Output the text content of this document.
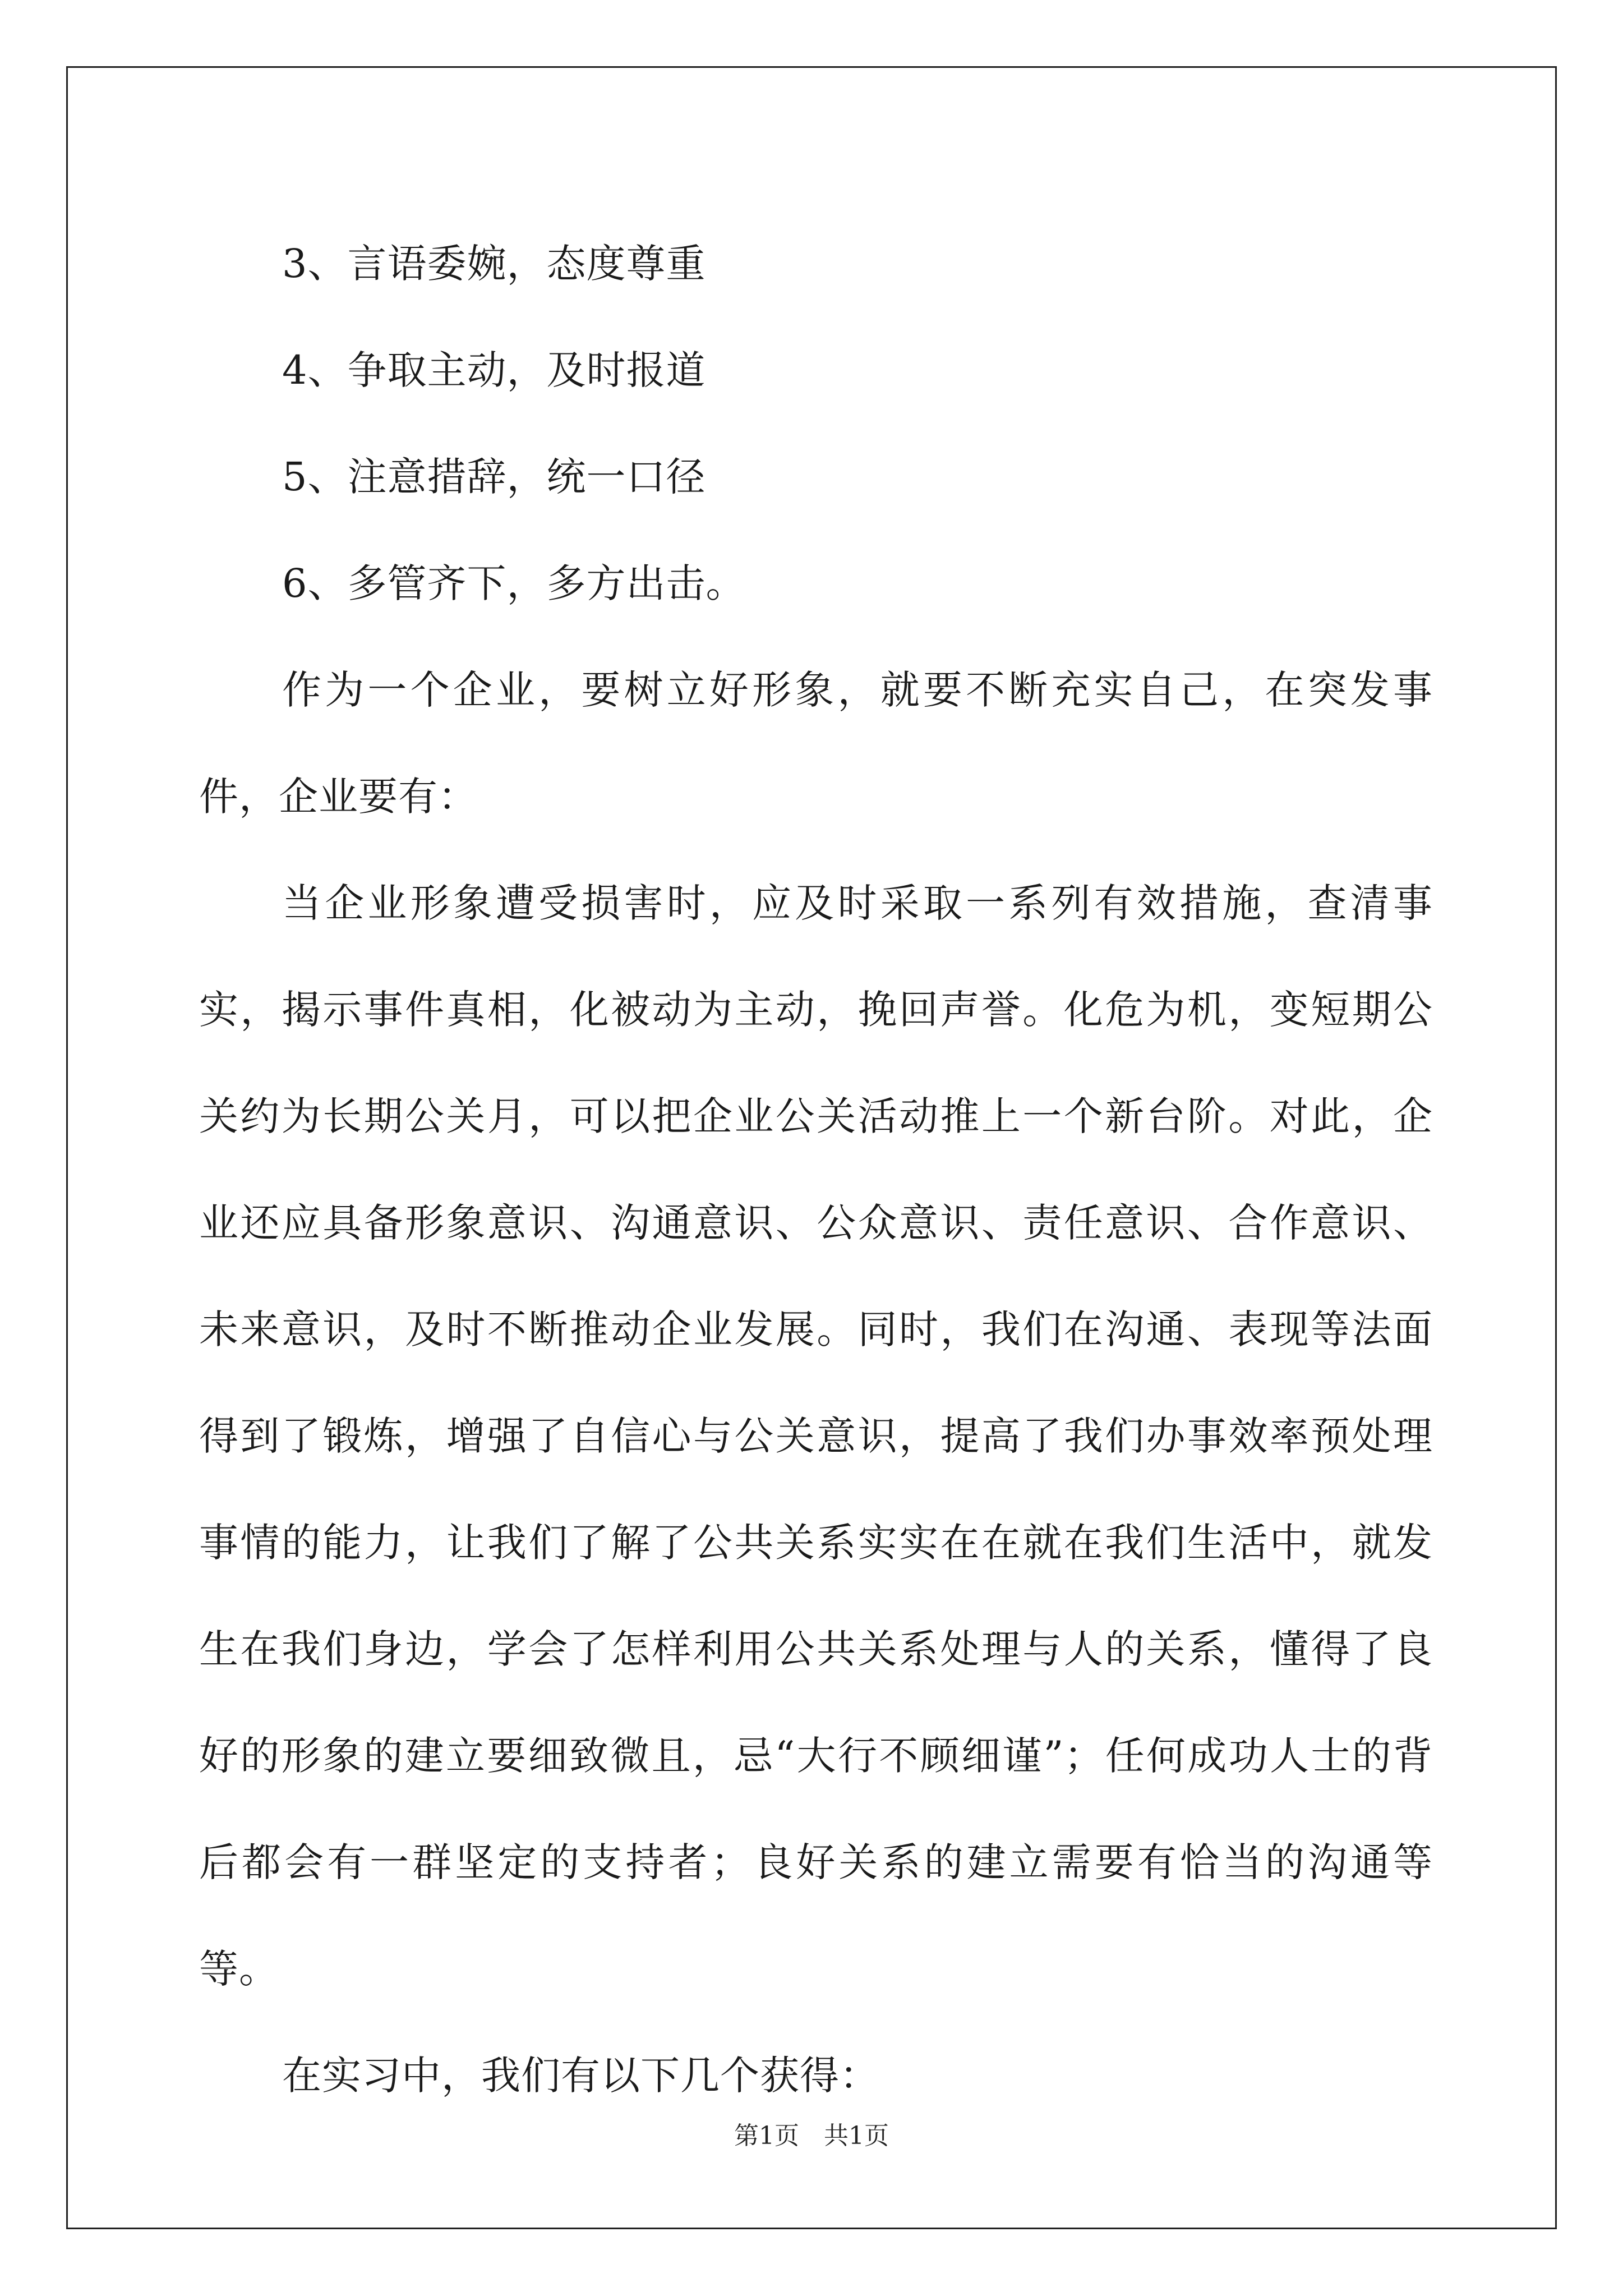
3、言语委婉，态度尊重

4、争取主动，及时报道

5、注意措辞，统一口径

6、多管齐下，多方出击。

作为一个企业，要树立好形象，就要不断充实自己，在突发事件，企业要有：

当企业形象遭受损害时，应及时采取一系列有效措施，查清事实，揭示事件真相，化被动为主动，挽回声誉。化危为机，变短期公关约为长期公关月，可以把企业公关活动推上一个新台阶。对此，企业还应具备形象意识、沟通意识、公众意识、责任意识、合作意识、未来意识，及时不断推动企业发展。同时，我们在沟通、表现等法面得到了锻炼，增强了自信心与公关意识，提高了我们办事效率预处理事情的能力，让我们了解了公共关系实实在在就在我们生活中，就发生在我们身边，学会了怎样利用公共关系处理与人的关系，懂得了良好的形象的建立要细致微且，忌“大行不顾细谨”；任何成功人士的背后都会有一群坚定的支持者；良好关系的建立需要有恰当的沟通等等。

在实习中，我们有以下几个获得：

第1页　共1页
